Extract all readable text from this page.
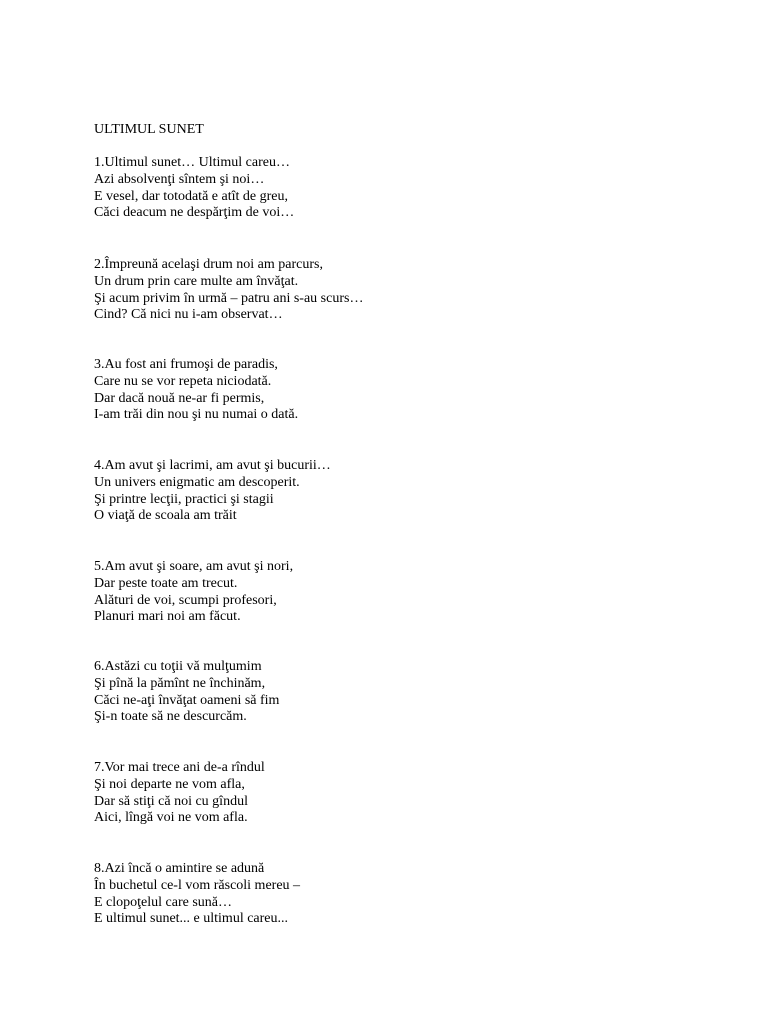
ULTIMUL SUNET
1.Ultimul sunet… Ultimul careu…
Azi absolvenţi sîntem şi noi…
E vesel, dar totodată e atît de greu,
Căci deacum ne despărţim de voi…
2.Împreună acelaşi drum noi am parcurs,
Un drum prin care multe am învăţat.
Şi acum privim în urmă – patru ani s-au scurs…
Cind? Că nici nu i-am observat…
3.Au fost ani frumoşi de paradis,
Care nu se vor repeta niciodată.
Dar dacă nouă ne-ar fi permis,
I-am trăi din nou şi nu numai o dată.
4.Am avut şi lacrimi, am avut şi bucurii…
Un univers enigmatic am descoperit.
Şi printre lecţii, practici şi stagii
O viaţă de scoala am trăit
5.Am avut şi soare, am avut şi nori,
Dar peste toate am trecut.
Alături de voi, scumpi profesori,
Planuri mari noi am făcut.
6.Astăzi cu toţii vă mulţumim
Şi pînă la pămînt ne închinăm,
Căci ne-aţi învăţat oameni să fim
Şi-n toate să ne descurcăm.
7.Vor mai trece ani de-a rîndul
Şi noi departe ne vom afla,
Dar să stiţi că noi cu gîndul
Aici, lîngă voi ne vom afla.
8.Azi încă o amintire se adună
În buchetul ce-l vom răscoli mereu –
E clopoţelul care sună…
E ultimul sunet... e ultimul careu...
